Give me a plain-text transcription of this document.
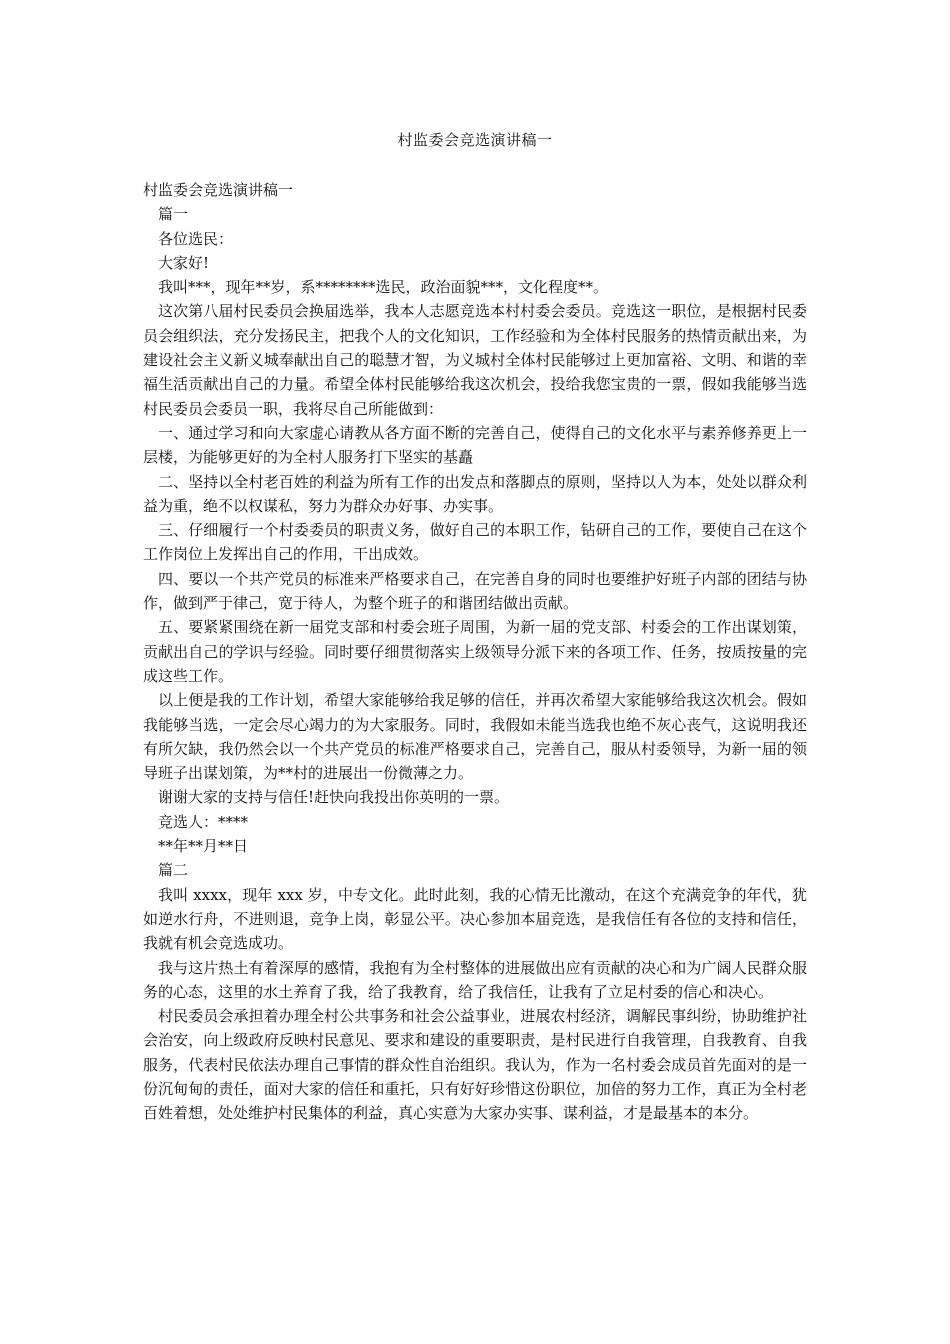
村监委会竞选演讲稿一

村监委会竞选演讲稿一

篇一

各位选民：

大家好!

我叫***，现年**岁，系********选民，政治面貌***，文化程度**。

这次第八届村民委员会换届选举，我本人志愿竞选本村村委会委员。竞选这一职位，是根据村民委员会组织法，充分发扬民主，把我个人的文化知识，工作经验和为全体村民服务的热情贡献出来，为建设社会主义新义城奉献出自己的聪慧才智，为义城村全体村民能够过上更加富裕、文明、和谐的幸福生活贡献出自己的力量。希望全体村民能够给我这次机会，投给我您宝贵的一票，假如我能够当选村民委员会委员一职，我将尽自己所能做到：

一、通过学习和向大家虚心请教从各方面不断的完善自己，使得自己的文化水平与素养修养更上一层楼，为能够更好的为全村人服务打下坚实的基矗

二、坚持以全村老百姓的利益为所有工作的出发点和落脚点的原则，坚持以人为本，处处以群众利益为重，绝不以权谋私，努力为群众办好事、办实事。

三、仔细履行一个村委委员的职责义务，做好自己的本职工作，钻研自己的工作，要使自己在这个工作岗位上发挥出自己的作用，干出成效。

四、要以一个共产党员的标准来严格要求自己，在完善自身的同时也要维护好班子内部的团结与协作，做到严于律己，宽于待人，为整个班子的和谐团结做出贡献。

五、要紧紧围绕在新一届党支部和村委会班子周围，为新一届的党支部、村委会的工作出谋划策，贡献出自己的学识与经验。同时要仔细贯彻落实上级领导分派下来的各项工作、任务，按质按量的完成这些工作。

以上便是我的工作计划，希望大家能够给我足够的信任，并再次希望大家能够给我这次机会。假如我能够当选，一定会尽心竭力的为大家服务。同时，我假如未能当选我也绝不灰心丧气，这说明我还有所欠缺，我仍然会以一个共产党员的标准严格要求自己，完善自己，服从村委领导，为新一届的领导班子出谋划策，为**村的进展出一份微薄之力。

谢谢大家的支持与信任!赶快向我投出你英明的一票。

竞选人：****

**年**月**日

篇二

我叫 xxxx，现年 xxx 岁，中专文化。此时此刻，我的心情无比激动，在这个充满竞争的年代，犹如逆水行舟，不进则退，竞争上岗，彰显公平。决心参加本届竞选，是我信任有各位的支持和信任，我就有机会竞选成功。

我与这片热土有着深厚的感情，我抱有为全村整体的进展做出应有贡献的决心和为广阔人民群众服务的心态，这里的水土养育了我，给了我教育，给了我信任，让我有了立足村委的信心和决心。

村民委员会承担着办理全村公共事务和社会公益事业，进展农村经济，调解民事纠纷，协助维护社会治安，向上级政府反映村民意见、要求和建设的重要职责，是村民进行自我管理，自我教育、自我服务，代表村民依法办理自己事情的群众性自治组织。我认为，作为一名村委会成员首先面对的是一份沉甸甸的责任，面对大家的信任和重托，只有好好珍惜这份职位，加倍的努力工作，真正为全村老百姓着想，处处维护村民集体的利益，真心实意为大家办实事、谋利益，才是最基本的本分。
